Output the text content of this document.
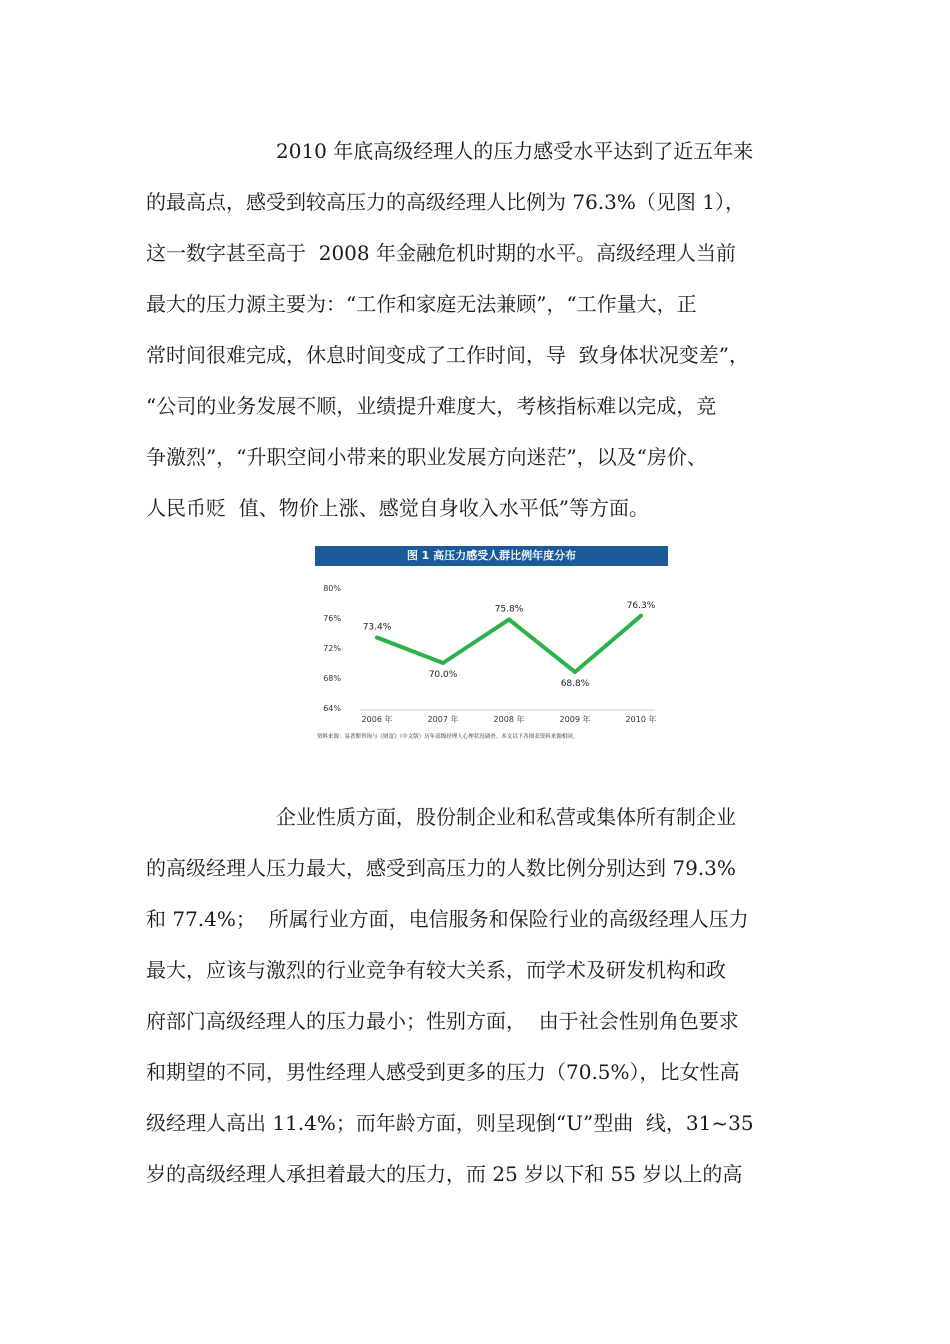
2010 年底高级经理人的压力感受水平达到了近五年来
的最高点，感受到较高压力的高级经理人比例为 76.3%（见图 1），
这一数字甚至高于  2008 年金融危机时期的水平。高级经理人当前
最大的压力源主要为：“工作和家庭无法兼顾”，“工作量大，正
常时间很难完成，休息时间变成了工作时间，导  致身体状况变差”，
“公司的业务发展不顺，业绩提升难度大，考核指标难以完成，竞
争激烈”，“升职空间小带来的职业发展方向迷茫”，以及“房价、
人民币贬  值、物价上涨、感觉自身收入水平低”等方面。
图 1 高压力感受人群比例年度分布
80%
76%
72%
68%
64%
2006 年	2007 年	2008 年	2009 年	2010 年
73.4%
70.0%
75.8%
68.8%
76.3%
资料来源：易普斯咨询与《财富》（中文版）历年高级经理人心理状况调查。本文以下各图表资料来源相同。
企业性质方面，股份制企业和私营或集体所有制企业
的高级经理人压力最大，感受到高压力的人数比例分别达到 79.3%
和 77.4%；  所属行业方面，电信服务和保险行业的高级经理人压力
最大，应该与激烈的行业竞争有较大关系，而学术及研发机构和政
府部门高级经理人的压力最小；性别方面，  由于社会性别角色要求
和期望的不同，男性经理人感受到更多的压力（70.5%），比女性高
级经理人高出 11.4%；而年龄方面，则呈现倒“U”型曲  线，31~35
岁的高级经理人承担着最大的压力，而 25 岁以下和 55 岁以上的高
